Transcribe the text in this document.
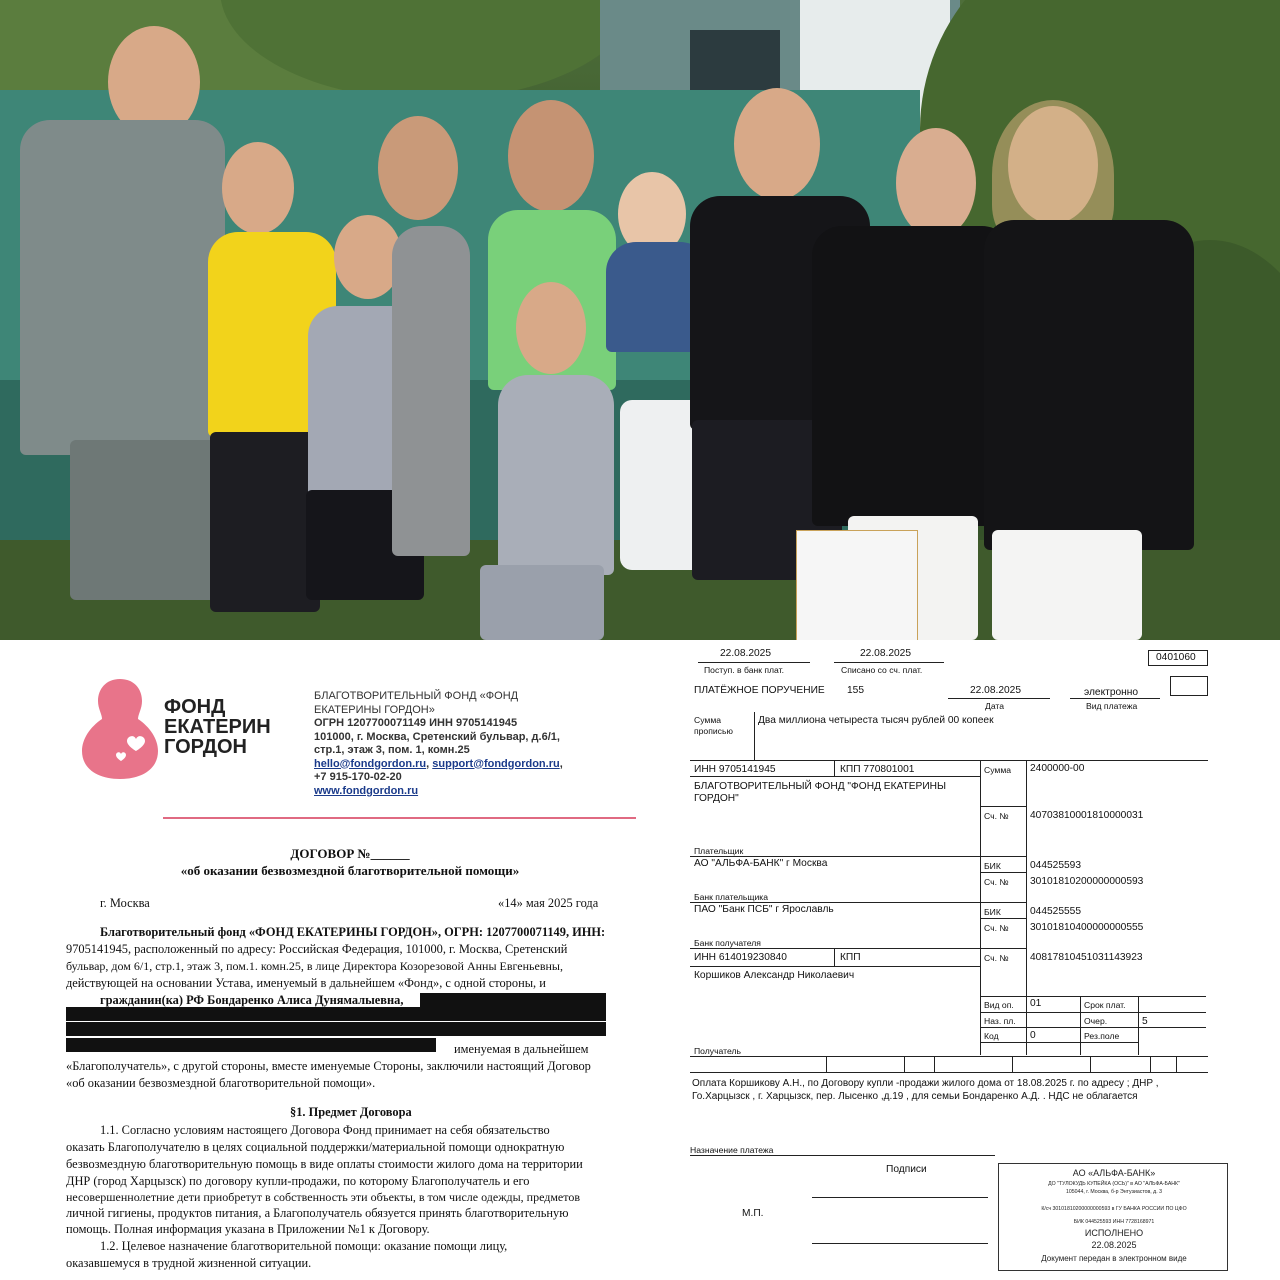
ФОНД
ЕКАТЕРИН
ГОРДОН
БЛАГОТВОРИТЕЛЬНЫЙ ФОНД «ФОНД
ЕКАТЕРИНЫ ГОРДОН»
ОГРН 1207700071149 ИНН 9705141945
101000, г. Москва, Сретенский бульвар, д.6/1,
стр.1, этаж 3, пом. 1, комн.25
hello@fondgordon.ru, support@fondgordon.ru,
+7 915-170-02-20
www.fondgordon.ru
ДОГОВОР №______
«об оказании безвозмездной благотворительной помощи»
г. Москва	«14» мая 2025 года
Благотворительный фонд «ФОНД ЕКАТЕРИНЫ ГОРДОН», ОГРН: 1207700071149, ИНН:
9705141945, расположенный по адресу: Российская Федерация, 101000, г. Москва, Сретенский
бульвар, дом 6/1, стр.1, этаж 3, пом.1. комн.25, в лице Директора Козорезовой Анны Евгеньевны,
действующей на основании Устава, именуемый в дальнейшем «Фонд», с одной стороны, и
гражданин(ка) РФ Бондаренко Алиса Дунямалыевна,
именуемая в дальнейшем
«Благополучатель», с другой стороны, вместе именуемые Стороны, заключили настоящий Договор
«об оказании безвозмездной благотворительной помощи».
§1. Предмет Договора
1.1. Согласно условиям настоящего Договора Фонд принимает на себя обязательство
оказать Благополучателю в целях социальной поддержки/материальной помощи однократную
безвозмездную благотворительную помощь в виде оплаты стоимости жилого дома на территории
ДНР (город Харцызск) по договору купли-продажи, по которому Благополучатель и его
несовершеннолетние дети приобретут в собственность эти объекты, в том числе одежды, предметов
личной гигиены, продуктов питания, а Благополучатель обязуется принять благотворительную
помощь. Полная информация указана в Приложении №1 к Договору.
1.2. Целевое назначение благотворительной помощи: оказание помощи лицу,
оказавшемуся в трудной жизненной ситуации.
22.08.2025
Поступ. в банк плат.
22.08.2025
Списано со сч. плат.
0401060
ПЛАТЁЖНОЕ ПОРУЧЕНИЕ 155	22.08.2025
Дата
электронно
Вид платежа
Сумма
прописью
Два миллиона четыреста тысяч рублей 00 копеек
ИНН 9705141945	КПП 770801001	Сумма 2400000-00
БЛАГОТВОРИТЕЛЬНЫЙ ФОНД "ФОНД ЕКАТЕРИНЫ
ГОРДОН"
Сч. № 40703810001810000031
Плательщик
АО "АЛЬФА-БАНК" г Москва	БИК	044525593
Сч. № 30101810200000000593
Банк плательщика
ПАО "Банк ПСБ" г Ярославль	БИК	044525555
Сч. № 30101810400000000555
Банк получателя
ИНН 614019230840	КПП	Сч. № 40817810451031143923
Коршиков Александр Николаевич
Вид оп. 01	Срок плат.
Наз. пл.	Очер.	5
Код	0	Рез.поле
Получатель
Оплата Коршикову А.Н., по Договору купли -продажи жилого дома от 18.08.2025 г. по адресу ; ДНР ,
Го.Харцызск , г. Харцызск, пер. Лысенко ,д.19 , для семьи Бондаренко А.Д. . НДС не облагается
Назначение платежа
Подписи
М.П.
АО «АЛЬФА-БАНК»
ДО "ТУЛОКУДЬ КУПЕЙКА (ОСЬ)" в АО "АЛЬФА-БАНК"
105044, г. Москва, б-р Энтузиастов, д. 3
К/сч 30101810200000000593 в ГУ БАНКА РОССИИ ПО ЦФО
БИК 044525593 ИНН 7728168971
ИСПОЛНЕНО
22.08.2025
Документ передан в электронном виде
